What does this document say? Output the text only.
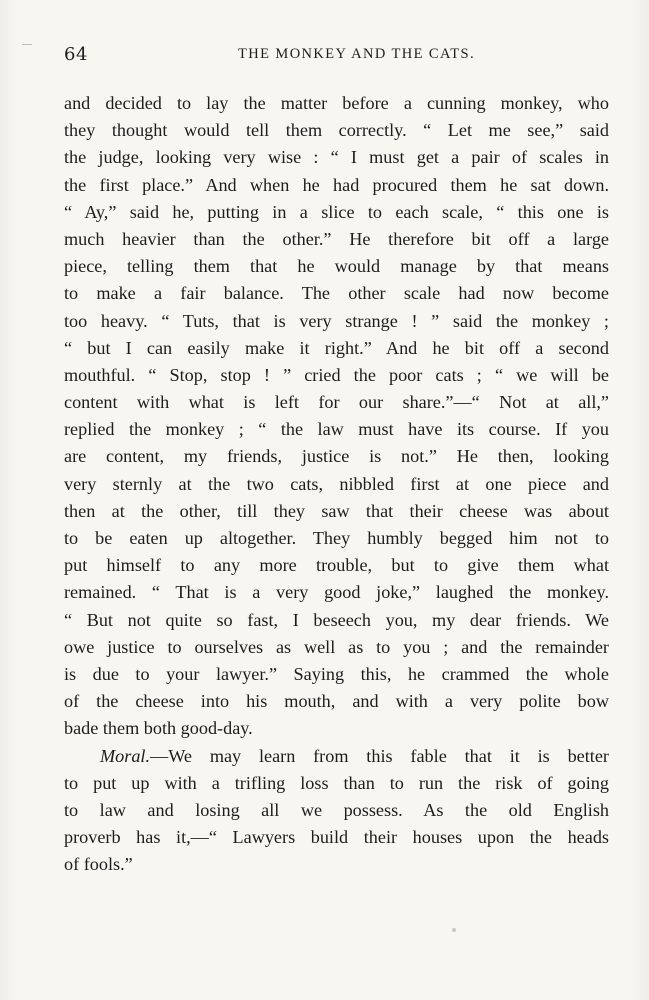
64	THE MONKEY AND THE CATS.
and decided to lay the matter before a cunning monkey, who
they thought would tell them correctly. “ Let me see,” said
the judge, looking very wise : “ I must get a pair of scales in
the first place.” And when he had procured them he sat down.
“ Ay,” said he, putting in a slice to each scale, “ this one is
much heavier than the other.” He therefore bit off a large
piece, telling them that he would manage by that means
to make a fair balance. The other scale had now become
too heavy. “ Tuts, that is very strange ! ” said the monkey ;
“ but I can easily make it right.” And he bit off a second
mouthful. “ Stop, stop ! ” cried the poor cats ; “ we will be
content with what is left for our share.”—“ Not at all,”
replied the monkey ; “ the law must have its course. If you
are content, my friends, justice is not.” He then, looking
very sternly at the two cats, nibbled first at one piece and
then at the other, till they saw that their cheese was about
to be eaten up altogether. They humbly begged him not to
put himself to any more trouble, but to give them what
remained. “ That is a very good joke,” laughed the monkey.
“ But not quite so fast, I beseech you, my dear friends. We
owe justice to ourselves as well as to you ; and the remainder
is due to your lawyer.” Saying this, he crammed the whole
of the cheese into his mouth, and with a very polite bow
bade them both good-day.
Moral.—We may learn from this fable that it is better
to put up with a trifling loss than to run the risk of going
to law and losing all we possess. As the old English
proverb has it,—“ Lawyers build their houses upon the heads
of fools.”
